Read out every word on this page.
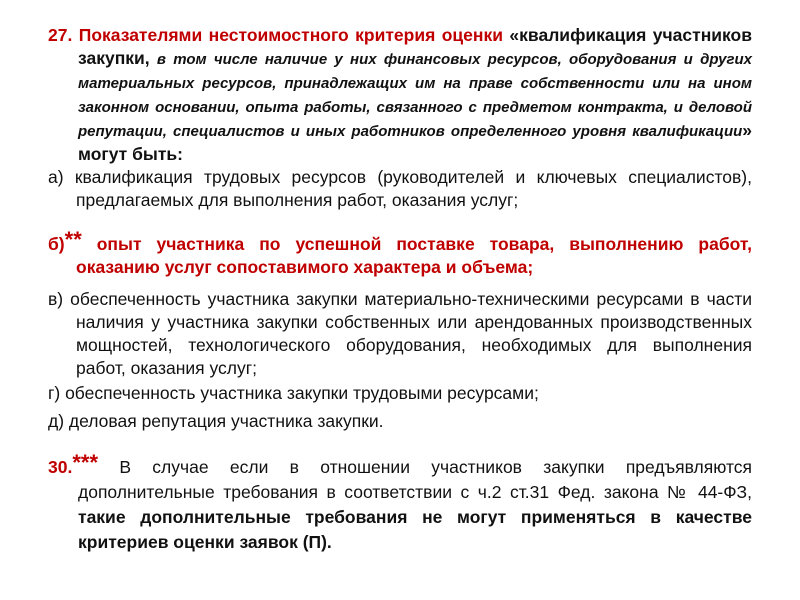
27. Показателями нестоимостного критерия оценки «квалификация участников закупки, в том числе наличие у них финансовых ресурсов, оборудования и других материальных ресурсов, принадлежащих им на праве собственности или на ином законном основании, опыта работы, связанного с предметом контракта, и деловой репутации, специалистов и иных работников определенного уровня квалификации» могут быть:
а) квалификация трудовых ресурсов (руководителей и ключевых специалистов), предлагаемых для выполнения работ, оказания услуг;
б)** опыт участника по успешной поставке товара, выполнению работ, оказанию услуг сопоставимого характера и объема;
в) обеспеченность участника закупки материально-техническими ресурсами в части наличия у участника закупки собственных или арендованных производственных мощностей, технологического оборудования, необходимых для выполнения работ, оказания услуг;
г) обеспеченность участника закупки трудовыми ресурсами;
д) деловая репутация участника закупки.
30.*** В случае если в отношении участников закупки предъявляются дополнительные требования в соответствии с ч.2 ст.31 Фед. закона № 44-ФЗ, такие дополнительные требования не могут применяться в качестве критериев оценки заявок (П).
